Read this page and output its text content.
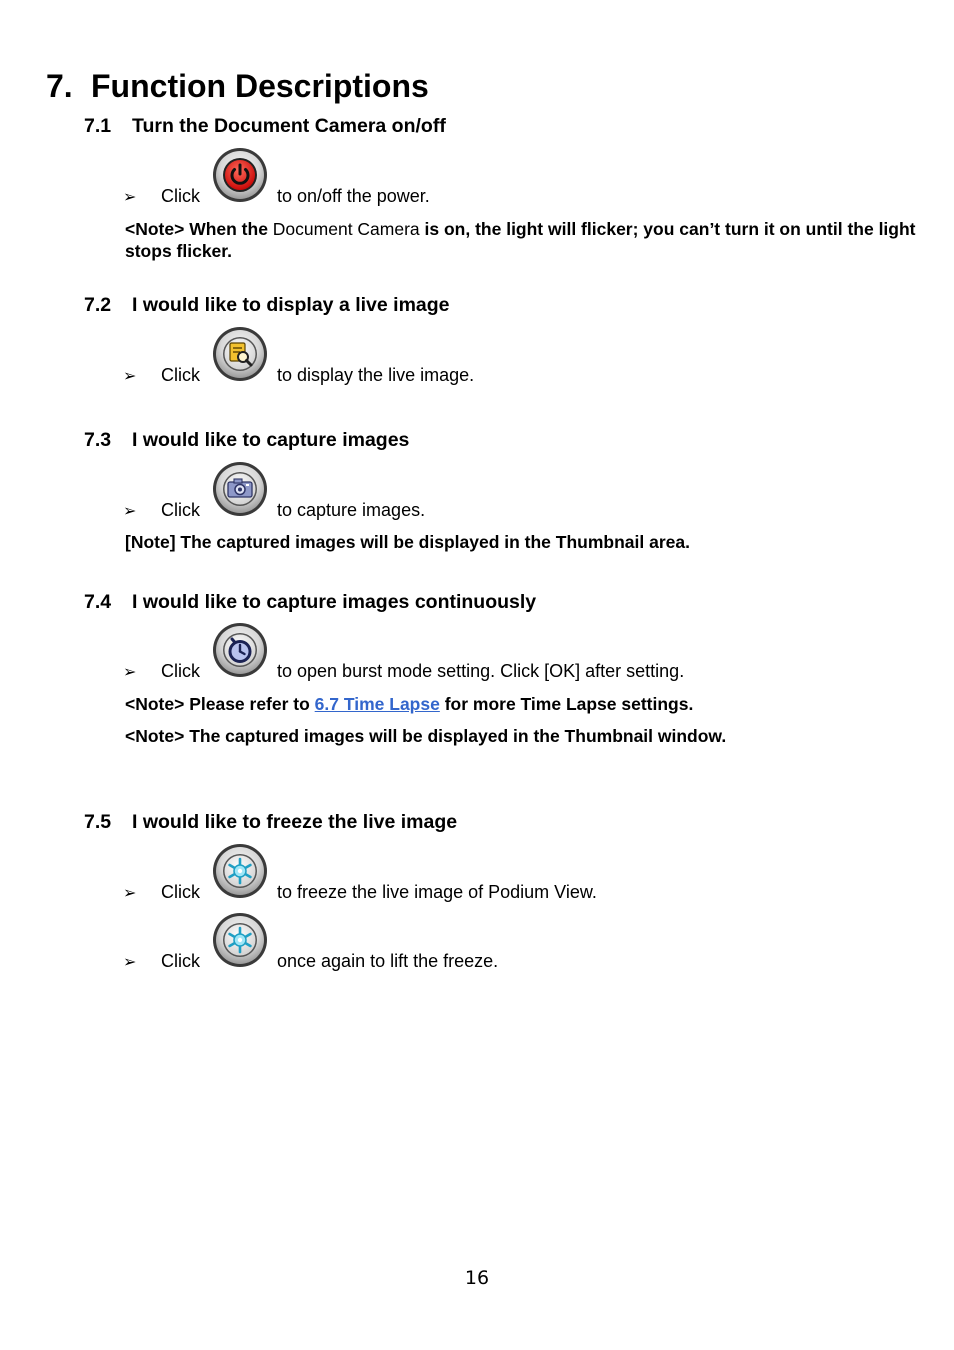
7. Function Descriptions
7.1 Turn the Document Camera on/off
➢ Click	to on/off the power.
<Note> When the Document Camera is on, the light will flicker; you can’t turn it on until the light stops flicker.
7.2 I would like to display a live image
➢ Click	to display the live image.
7.3 I would like to capture images
➢ Click	to capture images.
[Note] The captured images will be displayed in the Thumbnail area.
7.4 I would like to capture images continuously
➢ Click	to open burst mode setting. Click [OK] after setting.
<Note> Please refer to 6.7 Time Lapse for more Time Lapse settings.
<Note> The captured images will be displayed in the Thumbnail window.
7.5 I would like to freeze the live image
➢ Click	to freeze the live image of Podium View.
➢ Click	once again to lift the freeze.
16
